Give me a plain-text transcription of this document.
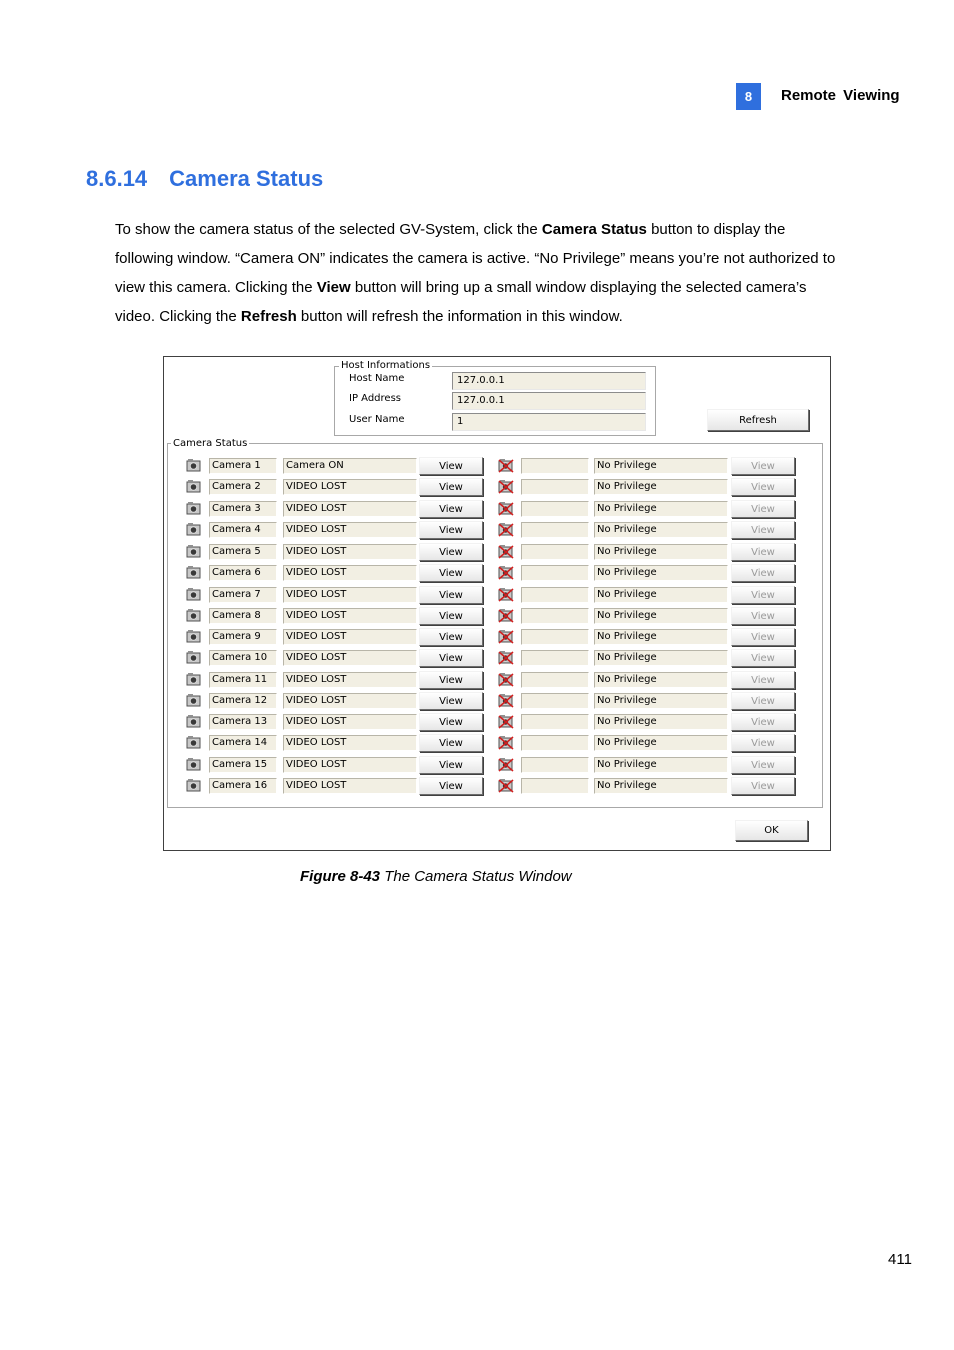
8	Remote Viewing
8.6.14 Camera Status
To show the camera status of the selected GV-System, click the Camera Status button to display the following window. “Camera ON” indicates the camera is active. “No Privilege” means you’re not authorized to view this camera. Clicking the View button will bring up a small window displaying the selected camera’s video. Clicking the Refresh button will refresh the information in this window.
Host Informations
Host Name	127.0.0.1
IP Address	127.0.0.1
User Name	1	Refresh
Camera Status
Camera 1	Camera ON	View	No Privilege	View
Camera 2	VIDEO LOST	View	No Privilege	View
Camera 3	VIDEO LOST	View	No Privilege	View
Camera 4	VIDEO LOST	View	No Privilege	View
Camera 5	VIDEO LOST	View	No Privilege	View
Camera 6	VIDEO LOST	View	No Privilege	View
Camera 7	VIDEO LOST	View	No Privilege	View
Camera 8	VIDEO LOST	View	No Privilege	View
Camera 9	VIDEO LOST	View	No Privilege	View
Camera 10	VIDEO LOST	View	No Privilege	View
Camera 11	VIDEO LOST	View	No Privilege	View
Camera 12	VIDEO LOST	View	No Privilege	View
Camera 13	VIDEO LOST	View	No Privilege	View
Camera 14	VIDEO LOST	View	No Privilege	View
Camera 15	VIDEO LOST	View	No Privilege	View
Camera 16	VIDEO LOST	View	No Privilege	View
OK
Figure 8-43 The Camera Status Window
411
